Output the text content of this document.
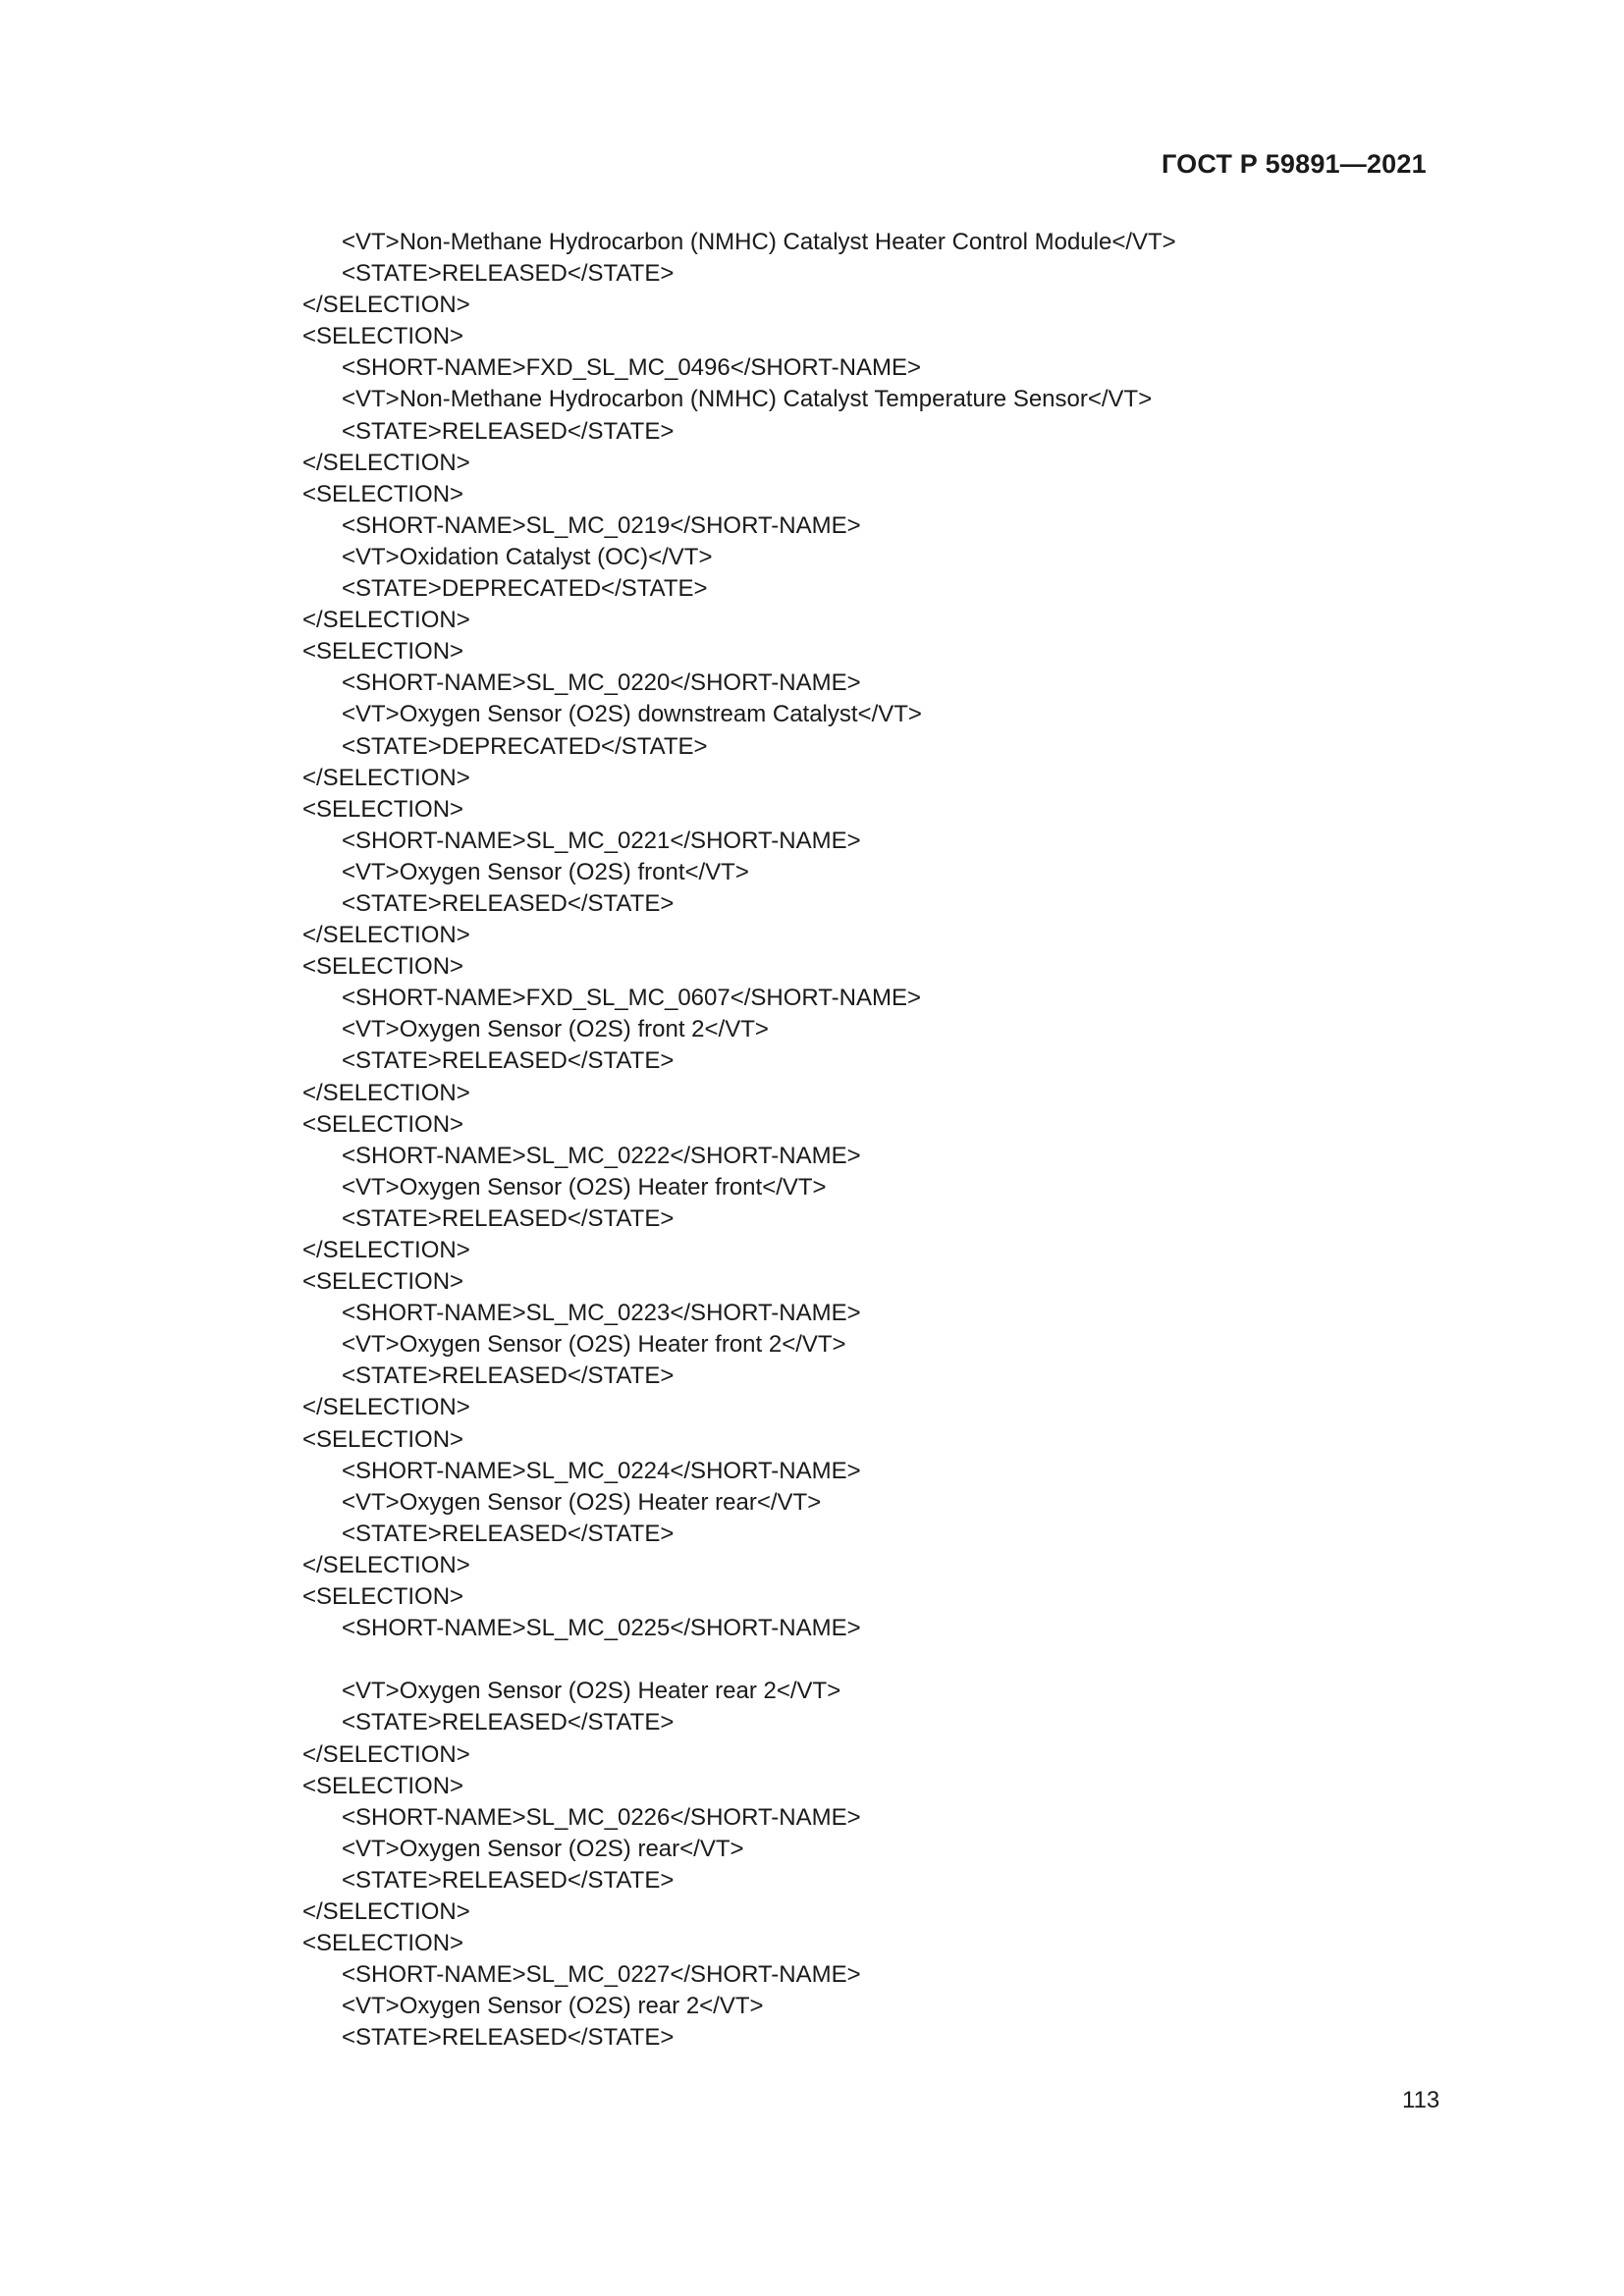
ГОСТ Р 59891—2021
<VT>Non-Methane Hydrocarbon (NMHC) Catalyst Heater Control Module</VT>
<STATE>RELEASED</STATE>
</SELECTION>
<SELECTION>
<SHORT-NAME>FXD_SL_MC_0496</SHORT-NAME>
<VT>Non-Methane Hydrocarbon (NMHC) Catalyst Temperature Sensor</VT>
<STATE>RELEASED</STATE>
</SELECTION>
<SELECTION>
<SHORT-NAME>SL_MC_0219</SHORT-NAME>
<VT>Oxidation Catalyst (OC)</VT>
<STATE>DEPRECATED</STATE>
</SELECTION>
<SELECTION>
<SHORT-NAME>SL_MC_0220</SHORT-NAME>
<VT>Oxygen Sensor (O2S) downstream Catalyst</VT>
<STATE>DEPRECATED</STATE>
</SELECTION>
<SELECTION>
<SHORT-NAME>SL_MC_0221</SHORT-NAME>
<VT>Oxygen Sensor (O2S) front</VT>
<STATE>RELEASED</STATE>
</SELECTION>
<SELECTION>
<SHORT-NAME>FXD_SL_MC_0607</SHORT-NAME>
<VT>Oxygen Sensor (O2S) front 2</VT>
<STATE>RELEASED</STATE>
</SELECTION>
<SELECTION>
<SHORT-NAME>SL_MC_0222</SHORT-NAME>
<VT>Oxygen Sensor (O2S) Heater front</VT>
<STATE>RELEASED</STATE>
</SELECTION>
<SELECTION>
<SHORT-NAME>SL_MC_0223</SHORT-NAME>
<VT>Oxygen Sensor (O2S) Heater front 2</VT>
<STATE>RELEASED</STATE>
</SELECTION>
<SELECTION>
<SHORT-NAME>SL_MC_0224</SHORT-NAME>
<VT>Oxygen Sensor (O2S) Heater rear</VT>
<STATE>RELEASED</STATE>
</SELECTION>
<SELECTION>
<SHORT-NAME>SL_MC_0225</SHORT-NAME>
<VT>Oxygen Sensor (O2S) Heater rear 2</VT>
<STATE>RELEASED</STATE>
</SELECTION>
<SELECTION>
<SHORT-NAME>SL_MC_0226</SHORT-NAME>
<VT>Oxygen Sensor (O2S) rear</VT>
<STATE>RELEASED</STATE>
</SELECTION>
<SELECTION>
<SHORT-NAME>SL_MC_0227</SHORT-NAME>
<VT>Oxygen Sensor (O2S) rear 2</VT>
<STATE>RELEASED</STATE>
113
